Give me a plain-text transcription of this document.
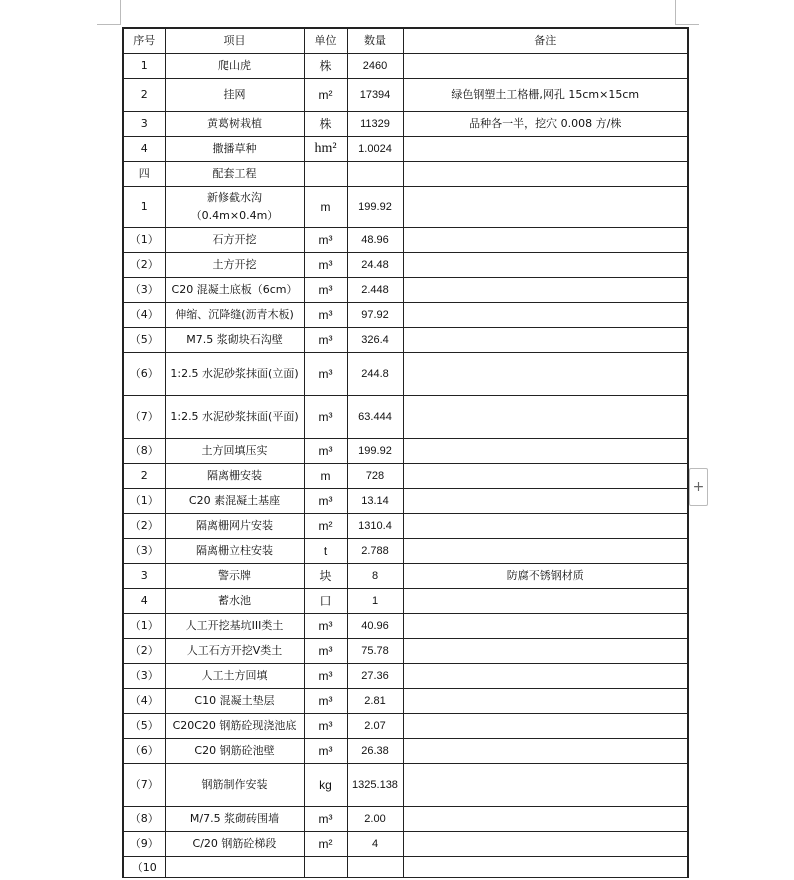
序号	项目	单位	数量	备注
1	爬山虎	株	2460	
2	挂网	m²	17394	绿色钢塑土工格栅,网孔 15cm×15cm
3	黄葛树栽植	株	11329	品种各一半，挖穴 0.008 方/株
4	撒播草种	hm²	1.0024	
四	配套工程			
1	新修截水沟（0.4m×0.4m）	m	199.92	
（1）	石方开挖	m³	48.96	
（2）	土方开挖	m³	24.48	
（3）	C20 混凝土底板（6cm）	m³	2.448	
（4）	伸缩、沉降缝(沥青木板)	m³	97.92	
（5）	M7.5 浆砌块石沟壁	m³	326.4	
（6）	1:2.5 水泥砂浆抹面(立面)	m³	244.8	
（7）	1:2.5 水泥砂浆抹面(平面)	m³	63.444	
（8）	土方回填压实	m³	199.92	
2	隔离栅安装	m	728	
（1）	C20 素混凝土基座	m³	13.14	
（2）	隔离栅网片安装	m²	1310.4	
（3）	隔离栅立柱安装	t	2.788	
3	警示牌	块	8	防腐不锈钢材质
4	蓄水池	口	1	
（1）	人工开挖基坑III类土	m³	40.96	
（2）	人工石方开挖Ⅴ类土	m³	75.78	
（3）	人工土方回填	m³	27.36	
（4）	C10 混凝土垫层	m³	2.81	
（5）	C20C20 钢筋砼现浇池底	m³	2.07	
（6）	C20 钢筋砼池壁	m³	26.38	
（7）	钢筋制作安装	kg	1325.138	
（8）	M/7.5 浆砌砖围墙	m³	2.00	
（9）	C/20 钢筋砼梯段	m²	4	
（10				
+
